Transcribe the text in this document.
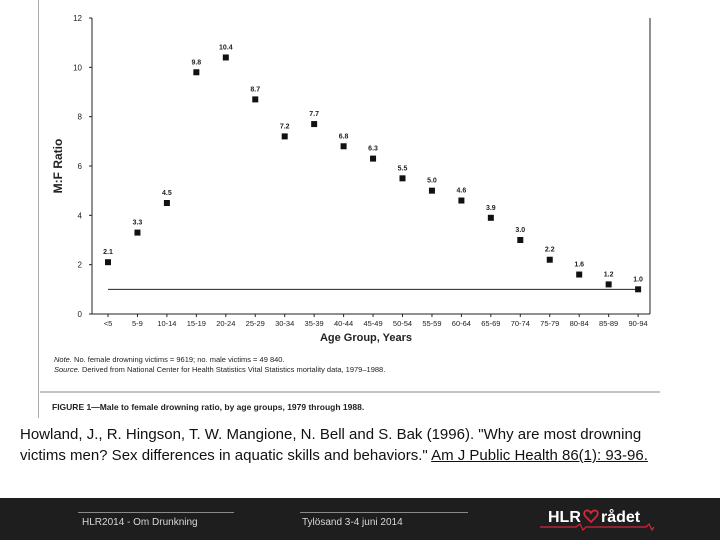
0
2
4
6
8
10
12
<5	5-9 10-14 15-19 20-24 25-29 30-34 35-39 40-44 45-49 50-54 55-59 60-64 65-69 70-74 75-79 80-84 85-89 90-94
2.1
3.3
4.5
9.8
10.4
8.7
7.2
7.7
6.8
6.3
5.5
5.0
4.6
3.9
3.0
2.2
1.6
1.2
1.0
M:F Ratio
Age Group, Years
Note. No. female drowning victims = 9619; no. male victims = 49 840.
Source. Derived from National Center for Health Statistics Vital Statistics mortality data, 1979–1988.
FIGURE 1—Male to female drowning ratio, by age groups, 1979 through 1988.
Howland, J., R. Hingson, T. W. Mangione, N. Bell and S. Bak (1996). "Why are most drowning victims men? Sex differences in aquatic skills and behaviors." Am J Public Health 86(1): 93-96.
HLR2014 - Om Drunkning	Tylösand 3-4 juni 2014	HLR rådet
